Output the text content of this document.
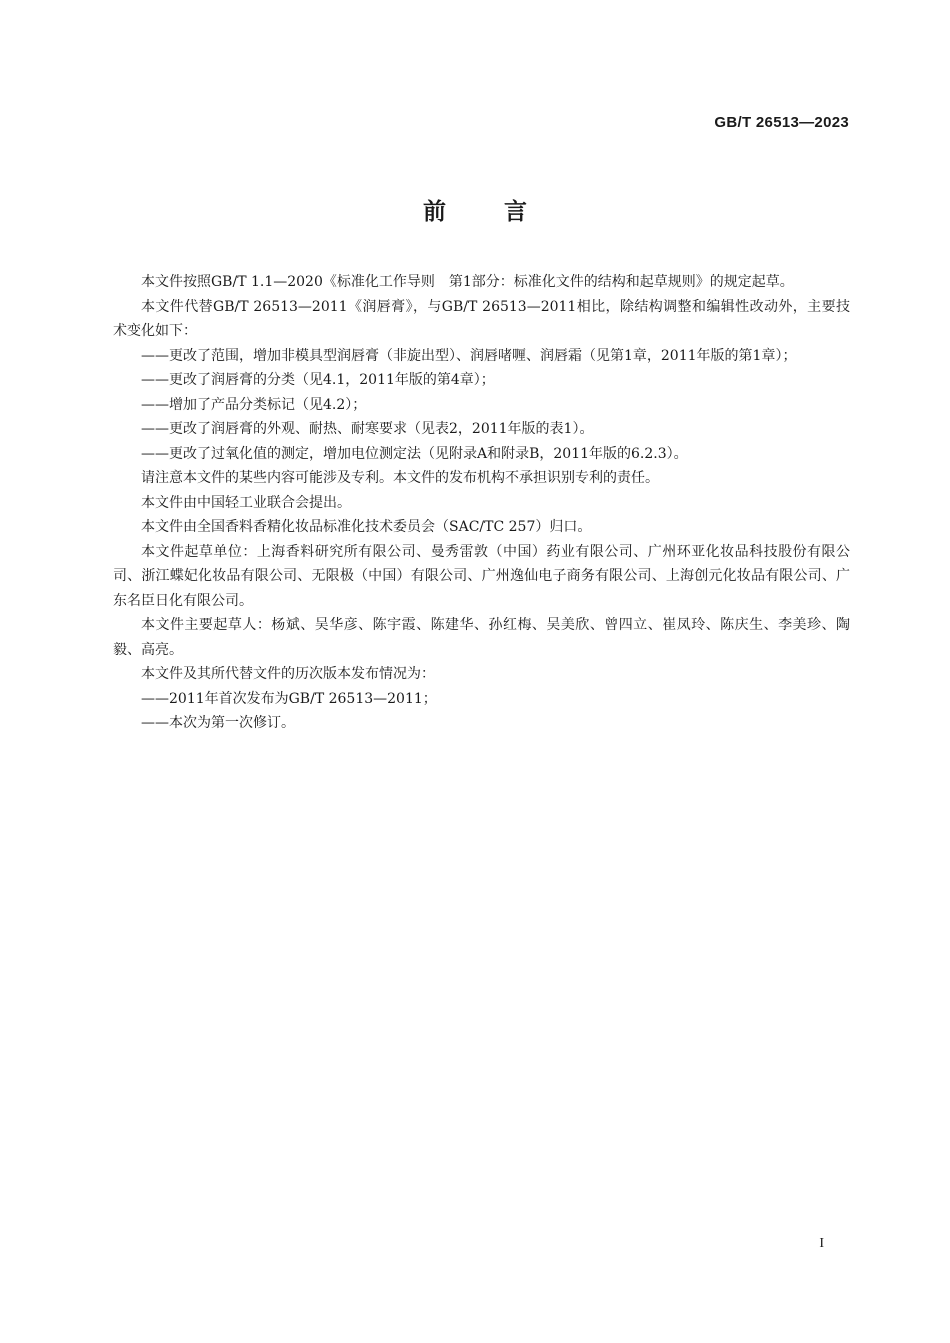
GB/T 26513—2023
前言

本文件按照GB/T 1.1—2020《标准化工作导则　第1部分：标准化文件的结构和起草规则》的规定起草。

本文件代替GB/T 26513—2011《润唇膏》，与GB/T 26513—2011相比，除结构调整和编辑性改动外，主要技术变化如下：

——更改了范围，增加非模具型润唇膏（非旋出型）、润唇啫喱、润唇霜（见第1章，2011年版的第1章）；

——更改了润唇膏的分类（见4.1，2011年版的第4章）；

——增加了产品分类标记（见4.2）；

——更改了润唇膏的外观、耐热、耐寒要求（见表2，2011年版的表1）。

——更改了过氧化值的测定，增加电位测定法（见附录A和附录B，2011年版的6.2.3）。

请注意本文件的某些内容可能涉及专利。本文件的发布机构不承担识别专利的责任。

本文件由中国轻工业联合会提出。

本文件由全国香料香精化妆品标准化技术委员会（SAC/TC 257）归口。

本文件起草单位：上海香料研究所有限公司、曼秀雷敦（中国）药业有限公司、广州环亚化妆品科技股份有限公司、浙江蝶妃化妆品有限公司、无限极（中国）有限公司、广州逸仙电子商务有限公司、上海创元化妆品有限公司、广东名臣日化有限公司。

本文件主要起草人：杨斌、吴华彦、陈宇霞、陈建华、孙红梅、吴美欣、曾四立、崔凤玲、陈庆生、李美珍、陶毅、高亮。

本文件及其所代替文件的历次版本发布情况为：

——2011年首次发布为GB/T 26513—2011；

——本次为第一次修订。

I
